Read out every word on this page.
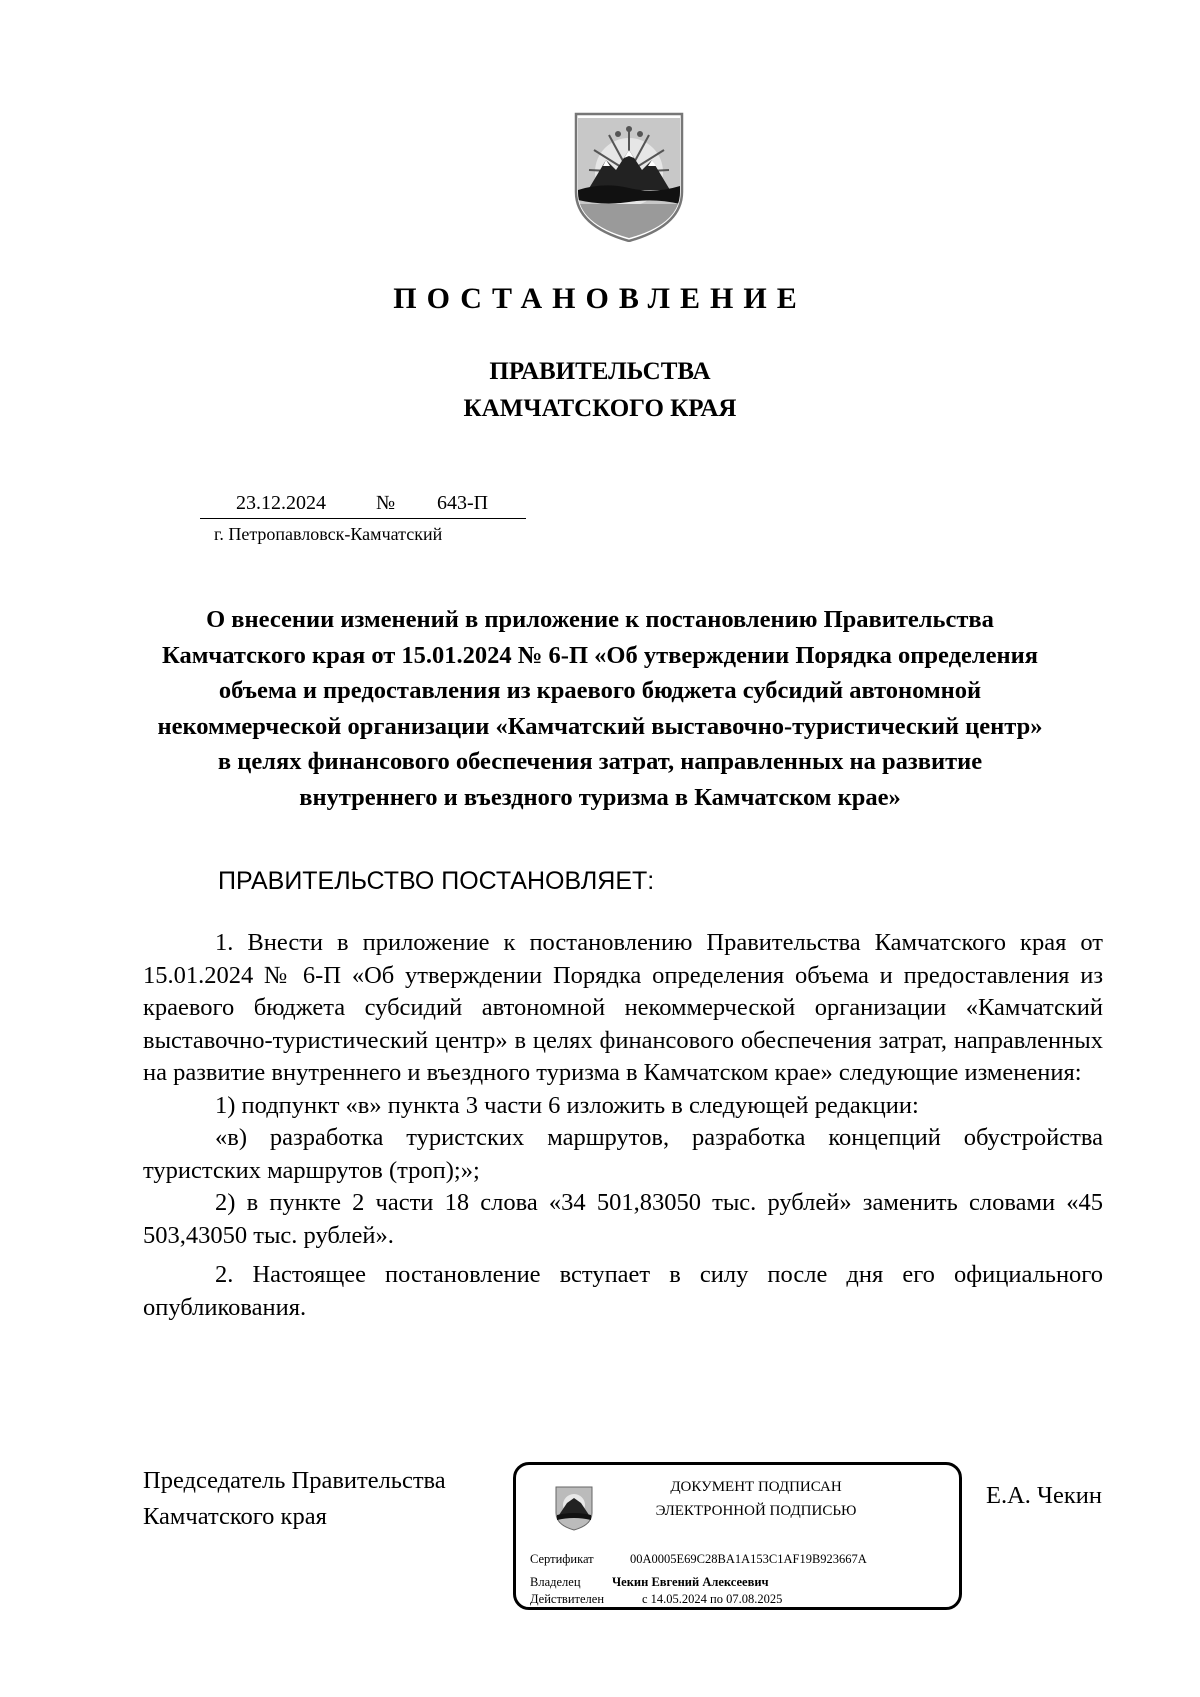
ПОСТАНОВЛЕНИЕ
ПРАВИТЕЛЬСТВА
КАМЧАТСКОГО КРАЯ
23.12.2024	№ 643-П
г. Петропавловск-Камчатский
О внесении изменений в приложение к постановлению Правительства Камчатского края от 15.01.2024 № 6-П «Об утверждении Порядка определения объема и предоставления из краевого бюджета субсидий автономной некоммерческой организации «Камчатский выставочно-туристический центр» в целях финансового обеспечения затрат, направленных на развитие внутреннего и въездного туризма в Камчатском крае»
ПРАВИТЕЛЬСТВО ПОСТАНОВЛЯЕТ:

1. Внести в приложение к постановлению Правительства Камчатского края от 15.01.2024 № 6-П «Об утверждении Порядка определения объема и предоставления из краевого бюджета субсидий автономной некоммерческой организации «Камчатский выставочно-туристический центр» в целях финансового обеспечения затрат, направленных на развитие внутреннего и въездного туризма в Камчатском крае» следующие изменения:

1) подпункт «в» пункта 3 части 6 изложить в следующей редакции:

«в) разработка туристских маршрутов, разработка концепций обустройства туристских маршрутов (троп);»;

2) в пункте 2 части 18 слова «34 501,83050 тыс. рублей» заменить словами «45 503,43050 тыс. рублей».

2. Настоящее постановление вступает в силу после дня его официального опубликования.

Председатель Правительства
Камчатского края
ДОКУМЕНТ ПОДПИСАН
ЭЛЕКТРОННОЙ ПОДПИСЬЮ
Сертификат	00A0005E69C28BA1A153C1AF19B923667A
Владелец	Чекин Евгений Алексеевич
Действителен	с 14.05.2024 по 07.08.2025
Е.А. Чекин
